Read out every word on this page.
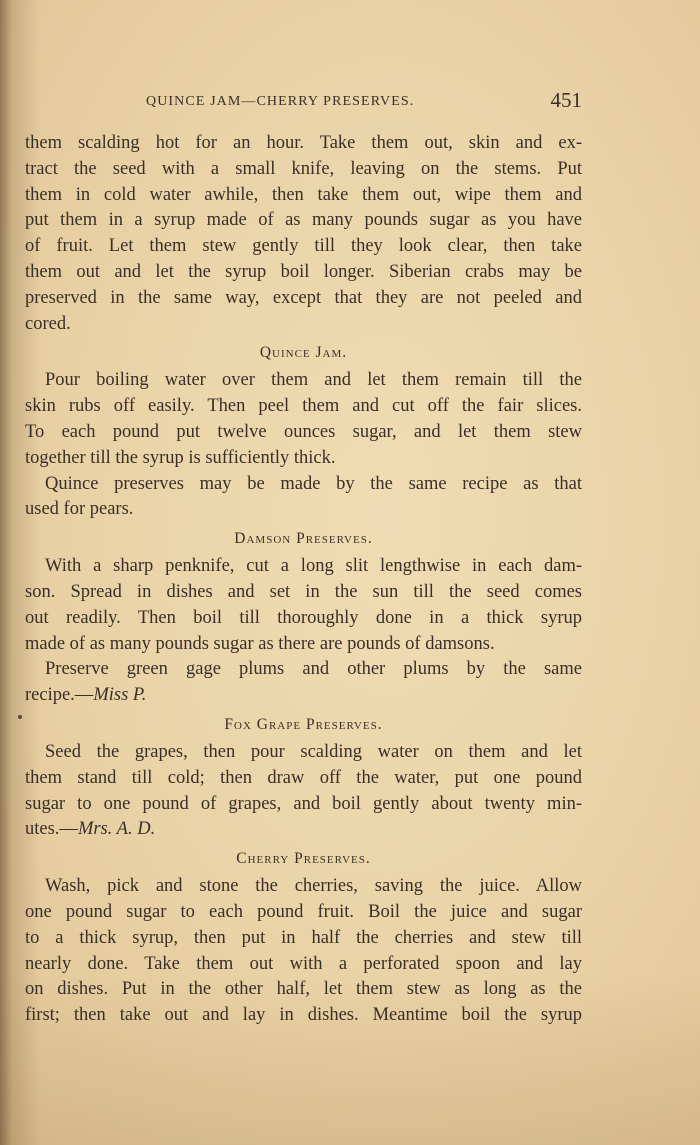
QUINCE JAM—CHERRY PRESERVES.	451
them scalding hot for an hour. Take them out, skin and ex-
tract the seed with a small knife, leaving on the stems. Put
them in cold water awhile, then take them out, wipe them and
put them in a syrup made of as many pounds sugar as you have
of fruit. Let them stew gently till they look clear, then take
them out and let the syrup boil longer. Siberian crabs may be
preserved in the same way, except that they are not peeled and
cored.
Quince Jam.
Pour boiling water over them and let them remain till the
skin rubs off easily. Then peel them and cut off the fair slices.
To each pound put twelve ounces sugar, and let them stew
together till the syrup is sufficiently thick.
Quince preserves may be made by the same recipe as that
used for pears.
Damson Preserves.
With a sharp penknife, cut a long slit lengthwise in each dam-
son. Spread in dishes and set in the sun till the seed comes
out readily. Then boil till thoroughly done in a thick syrup
made of as many pounds sugar as there are pounds of damsons.
Preserve green gage plums and other plums by the same
recipe.—Miss P.
Fox Grape Preserves.
Seed the grapes, then pour scalding water on them and let
them stand till cold; then draw off the water, put one pound
sugar to one pound of grapes, and boil gently about twenty min-
utes.—Mrs. A. D.
Cherry Preserves.
Wash, pick and stone the cherries, saving the juice. Allow
one pound sugar to each pound fruit. Boil the juice and sugar
to a thick syrup, then put in half the cherries and stew till
nearly done. Take them out with a perforated spoon and lay
on dishes. Put in the other half, let them stew as long as the
first; then take out and lay in dishes. Meantime boil the syrup
